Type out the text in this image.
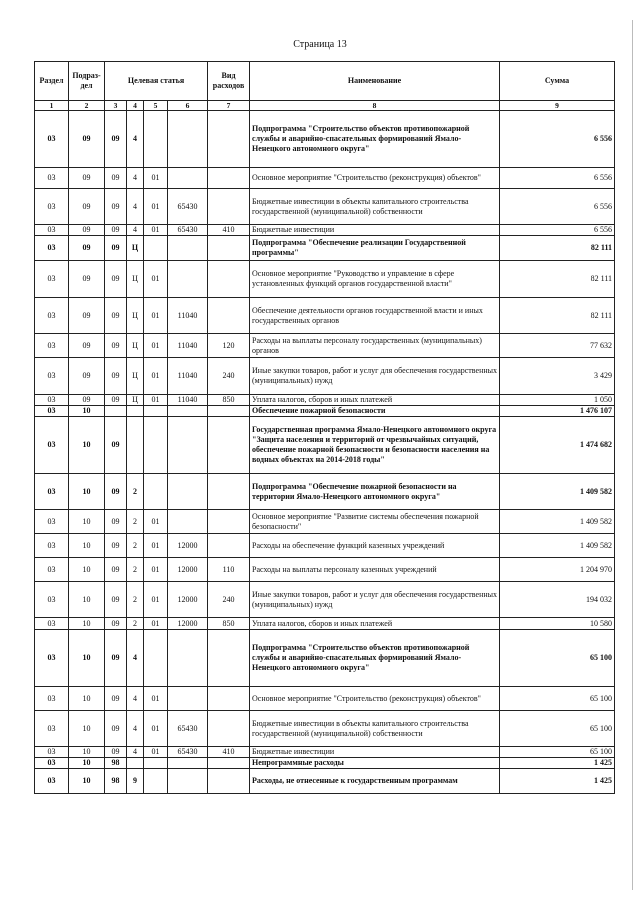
Страница 13
Раздел	Подраз-дел	Целевая статья				Вид расходов	Наименование	Сумма
1	2	3	4	5	6	7	8	9
03	09	09	4				Подпрограмма "Строительство объектов противопожарной службы и аварийно-спасательных формирований Ямало-Ненецкого автономного округа"	6 556
03	09	09	4	01			Основное мероприятие "Строительство (реконструкция) объектов"	6 556
03	09	09	4	01	65430		Бюджетные инвестиции в объекты капитального строительства государственной (муниципальной) собственности	6 556
03	09	09	4	01	65430	410	Бюджетные инвестиции	6 556
03	09	09	Ц				Подпрограмма "Обеспечение реализации Государственной программы"	82 111
03	09	09	Ц	01			Основное мероприятие "Руководство и управление в сфере установленных функций органов государственной власти"	82 111
03	09	09	Ц	01	11040		Обеспечение деятельности органов государственной власти и иных государственных органов	82 111
03	09	09	Ц	01	11040	120	Расходы на выплаты персоналу государственных (муниципальных) органов	77 632
03	09	09	Ц	01	11040	240	Иные закупки товаров, работ и услуг для обеспечения государственных (муниципальных) нужд	3 429
03	09	09	Ц	01	11040	850	Уплата налогов, сборов и иных платежей	1 050
03	10						Обеспечение пожарной безопасности	1 476 107
03	10	09					Государственная программа Ямало-Ненецкого автономного округа "Защита населения и территорий от чрезвычайных ситуаций, обеспечение пожарной безопасности и безопасности населения на водных объектах на 2014-2018 годы"	1 474 682
03	10	09	2				Подпрограмма "Обеспечение пожарной безопасности на территории Ямало-Ненецкого автономного округа"	1 409 582
03	10	09	2	01			Основное мероприятие "Развитие системы обеспечения пожарной безопасности"	1 409 582
03	10	09	2	01	12000		Расходы на обеспечение функций казенных учреждений	1 409 582
03	10	09	2	01	12000	110	Расходы на выплаты персоналу казенных учреждений	1 204 970
03	10	09	2	01	12000	240	Иные закупки товаров, работ и услуг для обеспечения государственных (муниципальных) нужд	194 032
03	10	09	2	01	12000	850	Уплата налогов, сборов и иных платежей	10 580
03	10	09	4				Подпрограмма "Строительство объектов противопожарной службы и аварийно-спасательных формирований Ямало-Ненецкого автономного округа"	65 100
03	10	09	4	01			Основное мероприятие "Строительство (реконструкция) объектов"	65 100
03	10	09	4	01	65430		Бюджетные инвестиции в объекты капитального строительства государственной (муниципальной) собственности	65 100
03	10	09	4	01	65430	410	Бюджетные инвестиции	65 100
03	10	98					Непрограммные расходы	1 425
03	10	98	9				Расходы, не отнесенные к государственным программам	1 425
